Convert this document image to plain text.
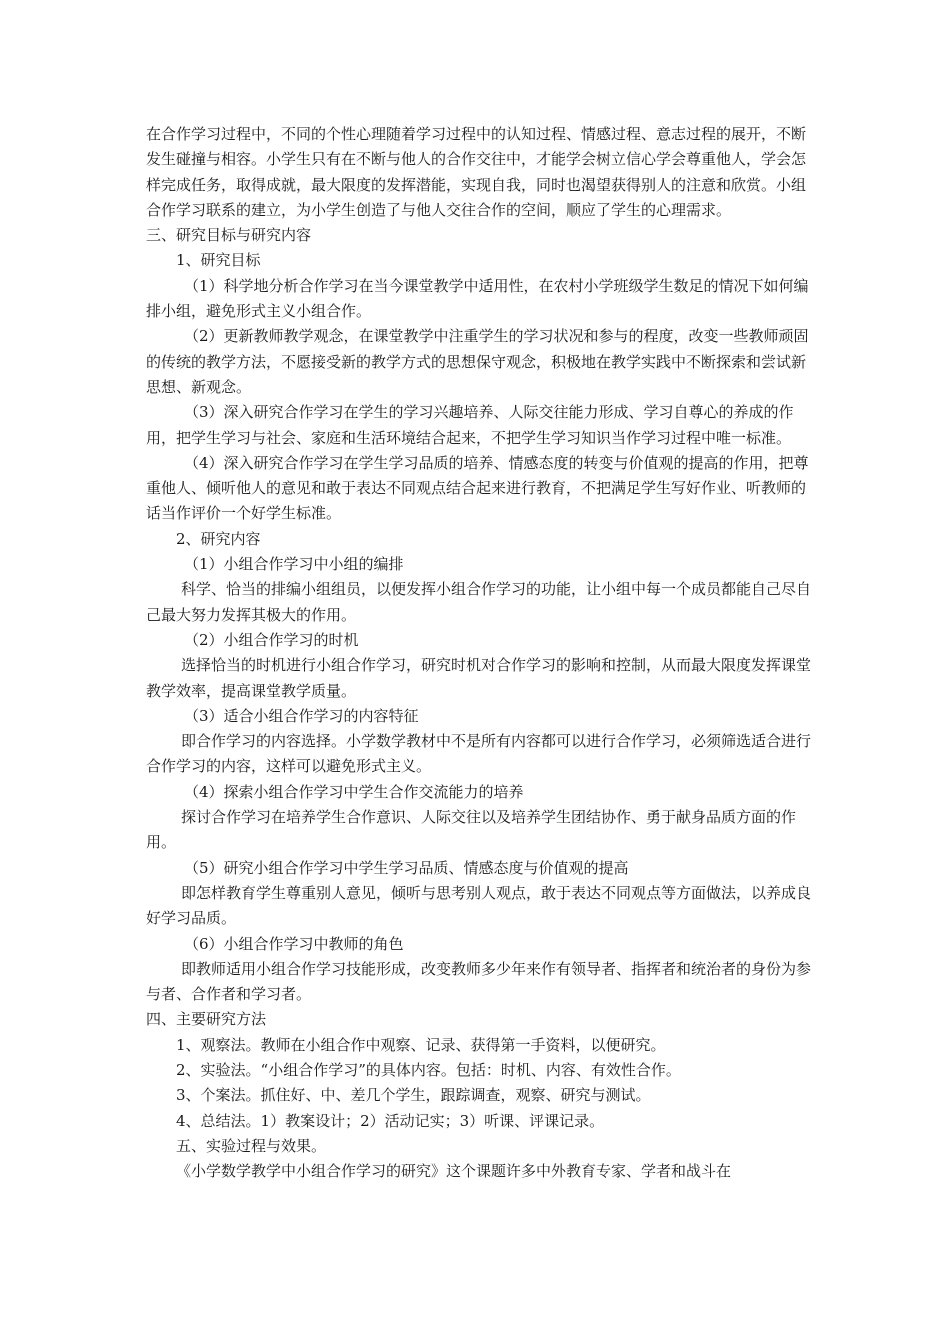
在合作学习过程中，不同的个性心理随着学习过程中的认知过程、情感过程、意志过程的展开，不断发生碰撞与相容。小学生只有在不断与他人的合作交往中，才能学会树立信心学会尊重他人，学会怎样完成任务，取得成就，最大限度的发挥潜能，实现自我，同时也渴望获得别人的注意和欣赏。小组合作学习联系的建立，为小学生创造了与他人交往合作的空间，顺应了学生的心理需求。

三、研究目标与研究内容

1、研究目标

（1）科学地分析合作学习在当今课堂教学中适用性，在农村小学班级学生数足的情况下如何编排小组，避免形式主义小组合作。

（2）更新教师教学观念，在课堂教学中注重学生的学习状况和参与的程度，改变一些教师顽固的传统的教学方法，不愿接受新的教学方式的思想保守观念，积极地在教学实践中不断探索和尝试新思想、新观念。

（3）深入研究合作学习在学生的学习兴趣培养、人际交往能力形成、学习自尊心的养成的作用，把学生学习与社会、家庭和生活环境结合起来，不把学生学习知识当作学习过程中唯一标准。

（4）深入研究合作学习在学生学习品质的培养、情感态度的转变与价值观的提高的作用，把尊重他人、倾听他人的意见和敢于表达不同观点结合起来进行教育，不把满足学生写好作业、听教师的话当作评价一个好学生标准。

2、研究内容

（1）小组合作学习中小组的编排

科学、恰当的排编小组组员，以便发挥小组合作学习的功能，让小组中每一个成员都能自己尽自己最大努力发挥其极大的作用。

（2）小组合作学习的时机

选择恰当的时机进行小组合作学习，研究时机对合作学习的影响和控制，从而最大限度发挥课堂教学效率，提高课堂教学质量。

（3）适合小组合作学习的内容特征

即合作学习的内容选择。小学数学教材中不是所有内容都可以进行合作学习，必须筛选适合进行合作学习的内容，这样可以避免形式主义。

（4）探索小组合作学习中学生合作交流能力的培养

探讨合作学习在培养学生合作意识、人际交往以及培养学生团结协作、勇于献身品质方面的作用。

（5）研究小组合作学习中学生学习品质、情感态度与价值观的提高

即怎样教育学生尊重别人意见，倾听与思考别人观点，敢于表达不同观点等方面做法，以养成良好学习品质。

（6）小组合作学习中教师的角色

即教师适用小组合作学习技能形成，改变教师多少年来作有领导者、指挥者和统治者的身份为参与者、合作者和学习者。

四、主要研究方法

1、观察法。教师在小组合作中观察、记录、获得第一手资料，以便研究。

2、实验法。“小组合作学习”的具体内容。包括：时机、内容、有效性合作。

3、个案法。抓住好、中、差几个学生，跟踪调查，观察、研究与测试。

4、总结法。1）教案设计；2）活动记实；3）听课、评课记录。

五、实验过程与效果。

《小学数学教学中小组合作学习的研究》这个课题许多中外教育专家、学者和战斗在
